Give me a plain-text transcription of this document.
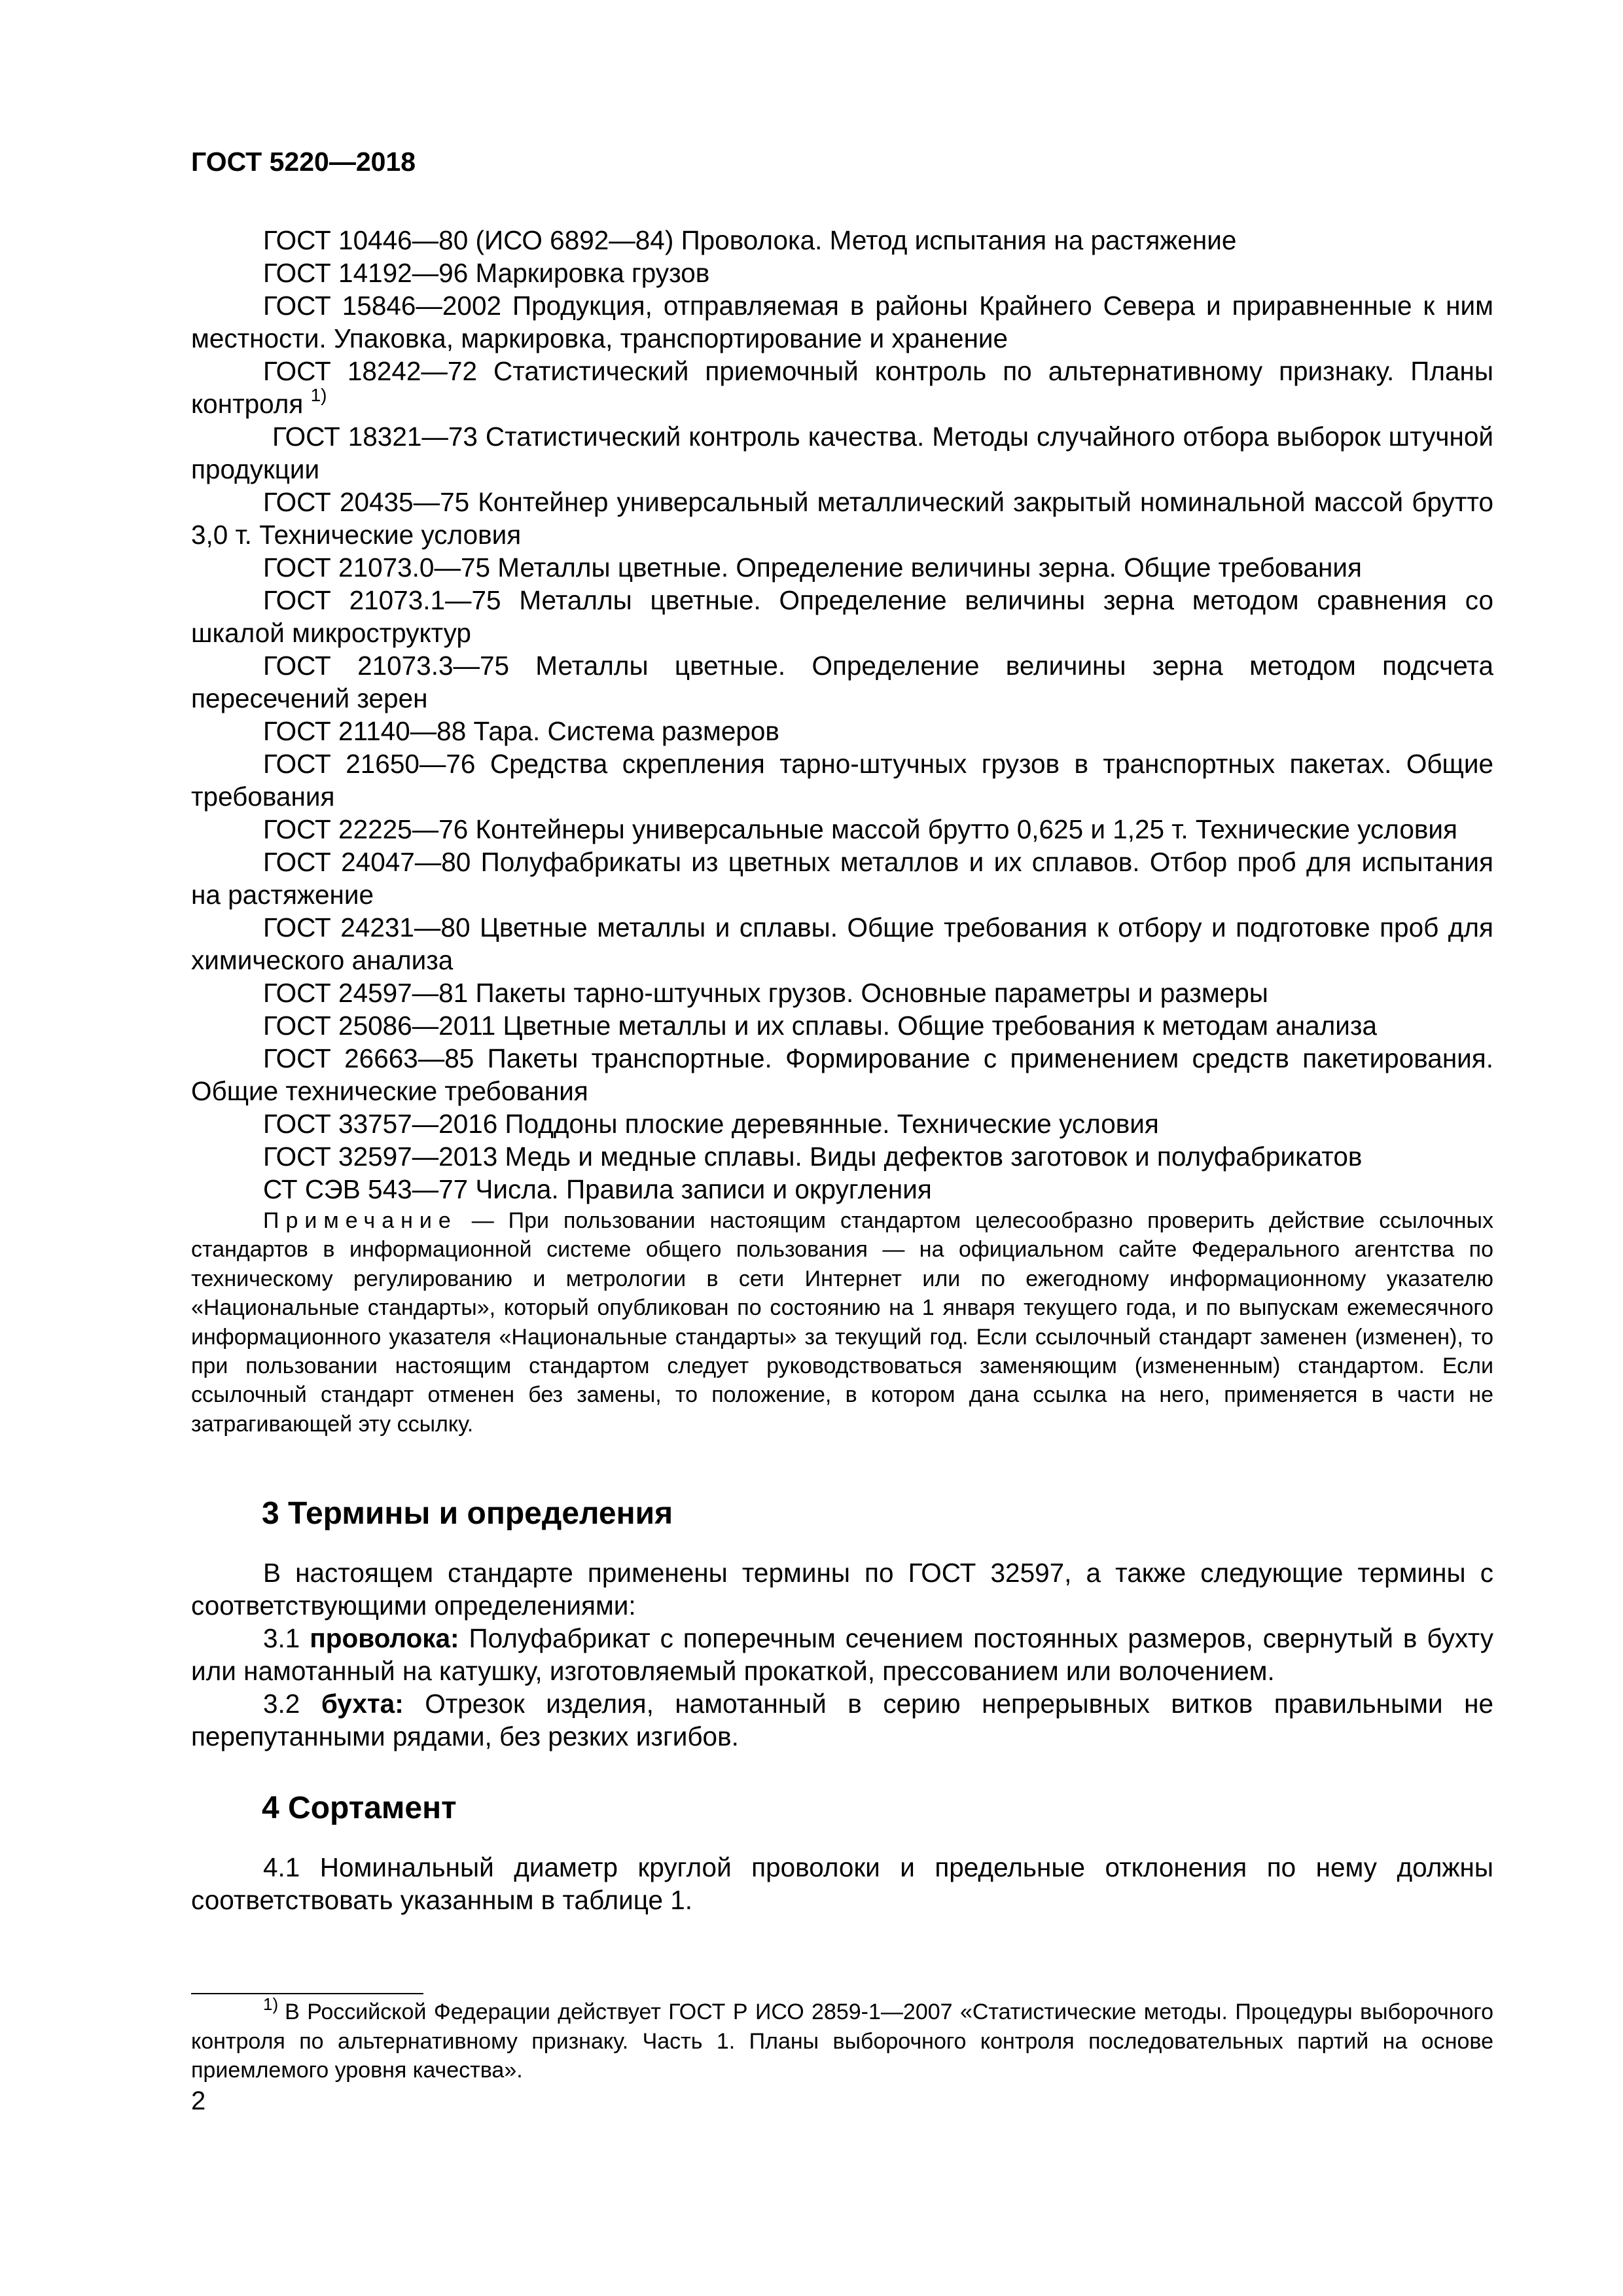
ГОСТ 5220—2018

ГОСТ 10446—80 (ИСО 6892—84) Проволока. Метод испытания на растяжение

ГОСТ 14192—96 Маркировка грузов

ГОСТ 15846—2002 Продукция, отправляемая в районы Крайнего Севера и приравненные к ним местности. Упаковка, маркировка, транспортирование и хранение

ГОСТ 18242—72 Статистический приемочный контроль по альтернативному признаку. Планы контроля $^{1)}$

ГОСТ 18321—73 Статистический контроль качества. Методы случайного отбора выборок штучной продукции

ГОСТ 20435—75 Контейнер универсальный металлический закрытый номинальной массой брутто 3,0 т. Технические условия

ГОСТ 21073.0—75 Металлы цветные. Определение величины зерна. Общие требования

ГОСТ 21073.1—75 Металлы цветные. Определение величины зерна методом сравнения со шкалой микроструктур

ГОСТ 21073.3—75 Металлы цветные. Определение величины зерна методом подсчета пересечений зерен

ГОСТ 21140—88 Тара. Система размеров

ГОСТ 21650—76 Средства скрепления тарно-штучных грузов в транспортных пакетах. Общие требования

ГОСТ 22225—76 Контейнеры универсальные массой брутто 0,625 и 1,25 т. Технические условия

ГОСТ 24047—80 Полуфабрикаты из цветных металлов и их сплавов. Отбор проб для испытания на растяжение

ГОСТ 24231—80 Цветные металлы и сплавы. Общие требования к отбору и подготовке проб для химического анализа

ГОСТ 24597—81 Пакеты тарно-штучных грузов. Основные параметры и размеры

ГОСТ 25086—2011 Цветные металлы и их сплавы. Общие требования к методам анализа

ГОСТ 26663—85 Пакеты транспортные. Формирование с применением средств пакетирования. Общие технические требования

ГОСТ 33757—2016 Поддоны плоские деревянные. Технические условия

ГОСТ 32597—2013 Медь и медные сплавы. Виды дефектов заготовок и полуфабрикатов

СТ СЭВ 543—77 Числа. Правила записи и округления

Примечание — При пользовании настоящим стандартом целесообразно проверить действие ссылочных стандартов в информационной системе общего пользования — на официальном сайте Федерального агентства по техническому регулированию и метрологии в сети Интернет или по ежегодному информационному указателю «Национальные стандарты», который опубликован по состоянию на 1 января текущего года, и по выпускам ежемесячного информационного указателя «Национальные стандарты» за текущий год. Если ссылочный стандарт заменен (изменен), то при пользовании настоящим стандартом следует руководствоваться заменяющим (измененным) стандартом. Если ссылочный стандарт отменен без замены, то положение, в котором дана ссылка на него, применяется в части не затрагивающей эту ссылку.

3 Термины и определения

В настоящем стандарте применены термины по ГОСТ 32597, а также следующие термины с соответствующими определениями:

3.1 проволока: Полуфабрикат с поперечным сечением постоянных размеров, свернутый в бухту или намотанный на катушку, изготовляемый прокаткой, прессованием или волочением.

3.2 бухта: Отрезок изделия, намотанный в серию непрерывных витков правильными не перепутанными рядами, без резких изгибов.

4 Сортамент

4.1 Номинальный диаметр круглой проволоки и предельные отклонения по нему должны соответствовать указанным в таблице 1.

$^{1)}$ В Российской Федерации действует ГОСТ Р ИСО 2859-1—2007 «Статистические методы. Процедуры выборочного контроля по альтернативному признаку. Часть 1. Планы выборочного контроля последовательных партий на основе приемлемого уровня качества».

2
